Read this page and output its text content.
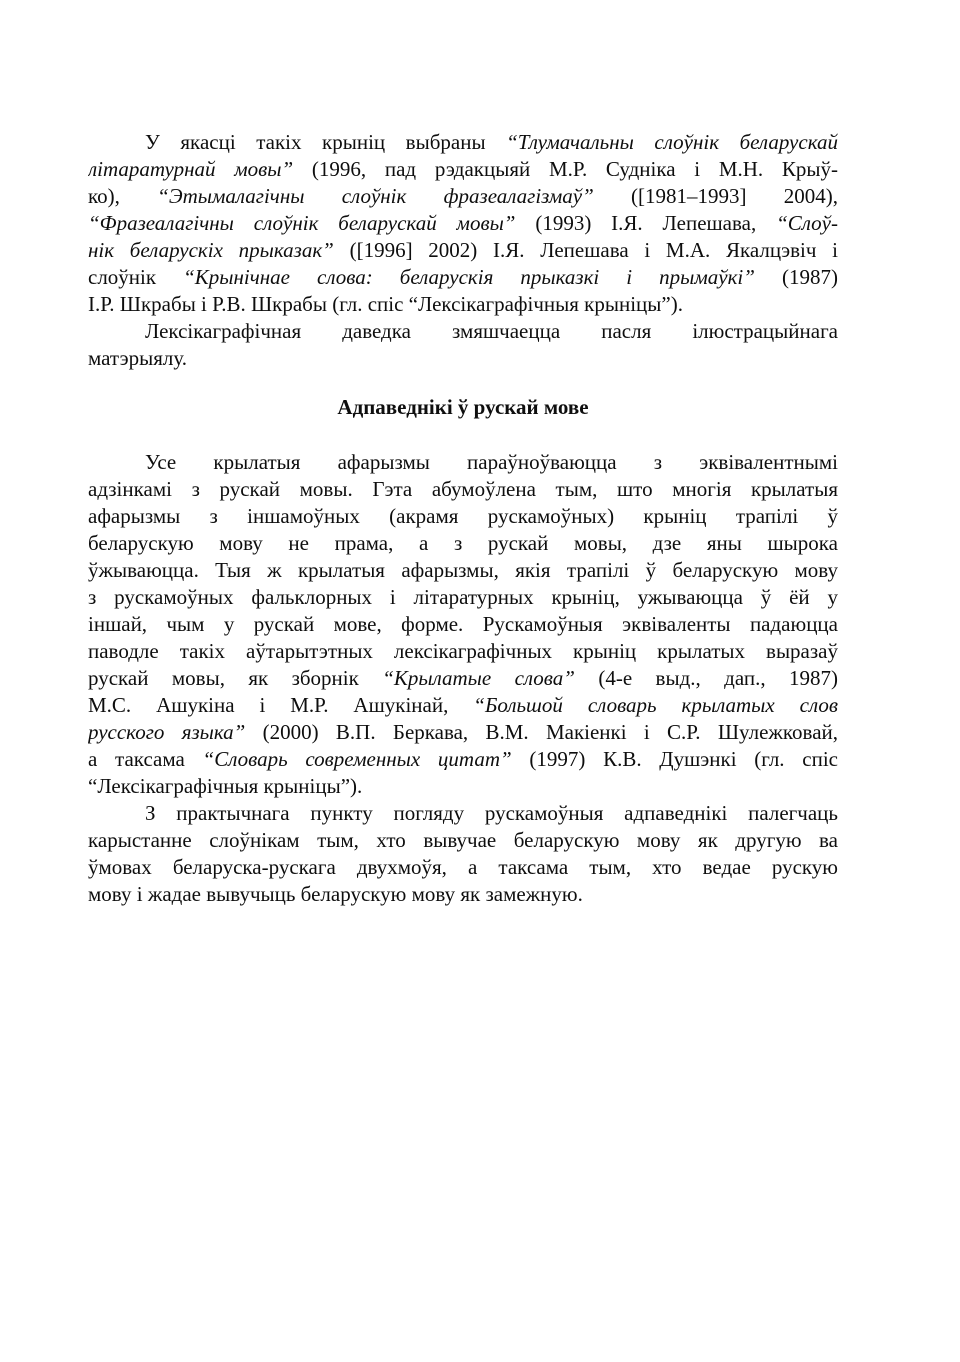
У якасці такіх крыніц выбраны “Тлумачальны слоўнік беларускай
літаратурнай мовы” (1996, пад рэдакцыяй М.Р. Судніка і М.Н. Крыў-
ко), “Этымалагічны слоўнік фразеалагізмаў” ([1981–1993] 2004),
“Фразеалагічны слоўнік беларускай мовы” (1993) І.Я. Лепешава, “Слоў-
нік беларускіх прыказак” ([1996] 2002) І.Я. Лепешава і М.А. Якалцэвіч і
слоўнік “Крынічнае слова: беларускія прыказкі і прымаўкі” (1987)
І.Р. Шкрабы і Р.В. Шкрабы (гл. спіс “Лексікаграфічныя крыніцы”).
Лексікаграфічная даведка змяшчаецца пасля ілюстрацыйнага
матэрыялу.
Адпаведнікі ў рускай мове
Усе крылатыя афарызмы параўноўваюцца з эквівалентнымі
адзінкамі з рускай мовы. Гэта абумоўлена тым, што многія крылатыя
афарызмы з іншамоўных (акрамя рускамоўных) крыніц трапілі ў
беларускую мову не прама, а з рускай мовы, дзе яны шырока
ўжываюцца. Тыя ж крылатыя афарызмы, якія трапілі ў беларускую мову
з рускамоўных фальклорных і літаратурных крыніц, ужываюцца ў ёй у
іншай, чым у рускай мове, форме. Рускамоўныя эквіваленты падаюцца
паводле такіх аўтарытэтных лексікаграфічных крыніц крылатых выразаў
рускай мовы, як зборнік “Крылатые слова” (4-е выд., дап., 1987)
М.С. Ашукіна і М.Р. Ашукінай, “Большой словарь крылатых слов
русского языка” (2000) В.П. Беркава, В.М. Макіенкі і С.Р. Шулежковай,
а таксама “Словарь современных цитат” (1997) К.В. Душэнкі (гл. спіс
“Лексікаграфічныя крыніцы”).
З практычнага пункту погляду рускамоўныя адпаведнікі палегчаць
карыстанне слоўнікам тым, хто вывучае беларускую мову як другую ва
ўмовах беларуска-рускага двухмоўя, а таксама тым, хто ведае рускую
мову і жадае вывучыць беларускую мову як замежную.
